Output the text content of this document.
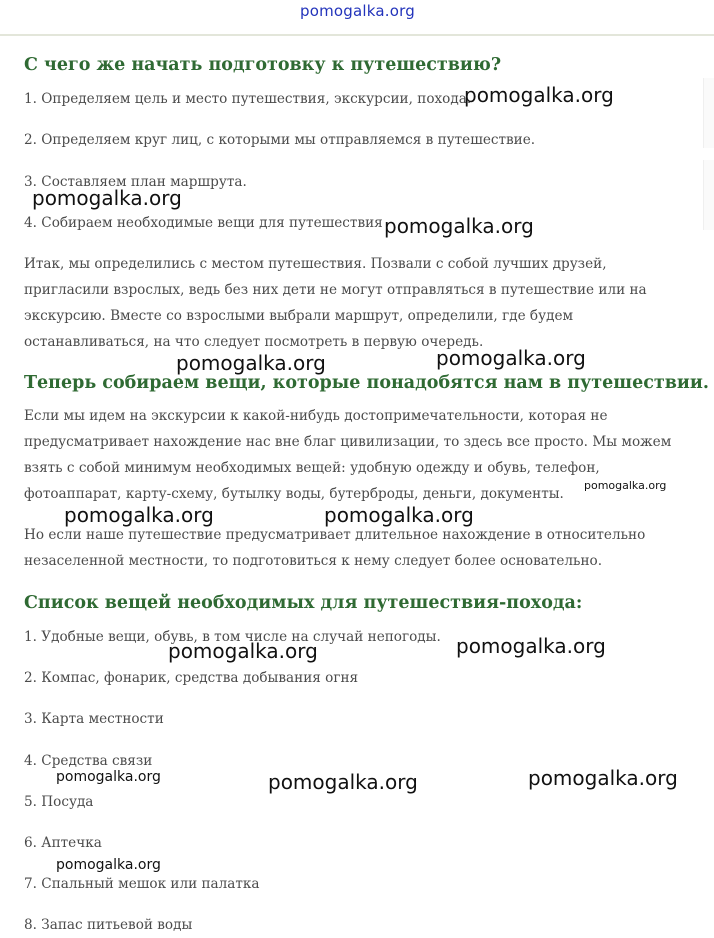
pomogalka.org
С чего же начать подготовку к путешествию?
1. Определяем цель и место путешествия, экскурсии, похода.
2. Определяем круг лиц, с которыми мы отправляемся в путешествие.
3. Составляем план маршрута.
4. Собираем необходимые вещи для путешествия
Итак, мы определились с местом путешествия. Позвали с собой лучших друзей,
пригласили взрослых, ведь без них дети не могут отправляться в путешествие или на
экскурсию. Вместе со взрослыми выбрали маршрут, определили, где будем
останавливаться, на что следует посмотреть в первую очередь.
Теперь собираем вещи, которые понадобятся нам в путешествии.
Если мы идем на экскурсии к какой-нибудь достопримечательности, которая не
предусматривает нахождение нас вне благ цивилизации, то здесь все просто. Мы можем
взять с собой минимум необходимых вещей: удобную одежду и обувь, телефон,
фотоаппарат, карту-схему, бутылку воды, бутерброды, деньги, документы.
Но если наше путешествие предусматривает длительное нахождение в относительно
незаселенной местности, то подготовиться к нему следует более основательно.
Список вещей необходимых для путешествия-похода:
1. Удобные вещи, обувь, в том числе на случай непогоды.
2. Компас, фонарик, средства добывания огня
3. Карта местности
4. Средства связи
5. Посуда
6. Аптечка
7. Спальный мешок или палатка
8. Запас питьевой воды
pomogalka.org
pomogalka.org
pomogalka.org
pomogalka.org	pomogalka.org
pomogalka.org
pomogalka.org	pomogalka.org
pomogalka.org	pomogalka.org
pomogalka.org	pomogalka.org	pomogalka.org
pomogalka.org
